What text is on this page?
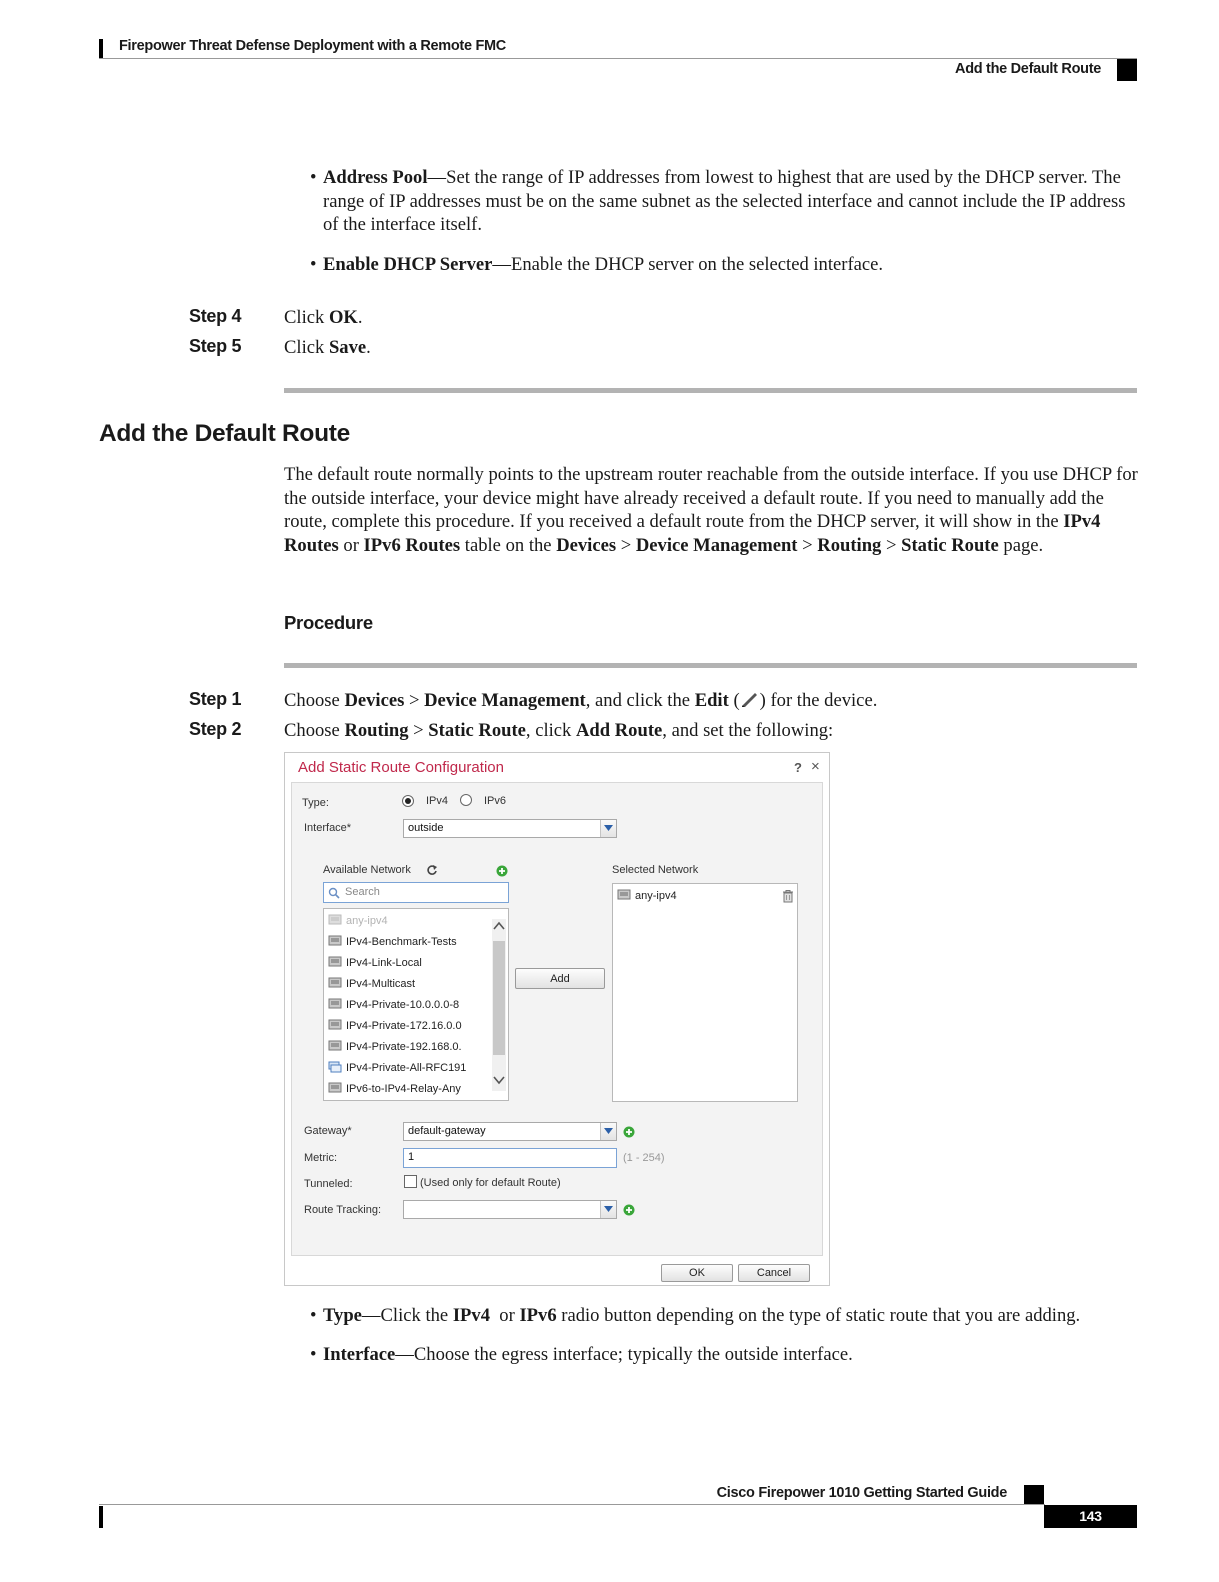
Firepower Threat Defense Deployment with a Remote FMC
Add the Default Route
• Address Pool—Set the range of IP addresses from lowest to highest that are used by the DHCP server. The range of IP addresses must be on the same subnet as the selected interface and cannot include the IP address of the interface itself.
• Enable DHCP Server—Enable the DHCP server on the selected interface.
Step 4 Click OK.
Step 5 Click Save.
Add the Default Route
The default route normally points to the upstream router reachable from the outside interface. If you use DHCP for the outside interface, your device might have already received a default route. If you need to manually add the route, complete this procedure. If you received a default route from the DHCP server, it will show in the IPv4 Routes or IPv6 Routes table on the Devices > Device Management > Routing > Static Route page.
Procedure
Step 1 Choose Devices > Device Management, and click the Edit ( ) for the device.
Step 2 Choose Routing > Static Route, click Add Route, and set the following:
Add Static Route Configuration	? ×
Type:	IPv4	IPv6
Interface*	outside
Available Network
Search
any-ipv4
IPv4-Benchmark-Tests
IPv4-Link-Local
IPv4-Multicast
IPv4-Private-10.0.0.0-8
IPv4-Private-172.16.0.0
IPv4-Private-192.168.0.
IPv4-Private-All-RFC191
IPv6-to-IPv4-Relay-Any
Add
Selected Network
any-ipv4
Gateway*	default-gateway
Metric:	1	(1 - 254)
Tunneled:	(Used only for default Route)
Route Tracking:
OK	Cancel
• Type—Click the IPv4  or IPv6 radio button depending on the type of static route that you are adding.
• Interface—Choose the egress interface; typically the outside interface.
Cisco Firepower 1010 Getting Started Guide
143
